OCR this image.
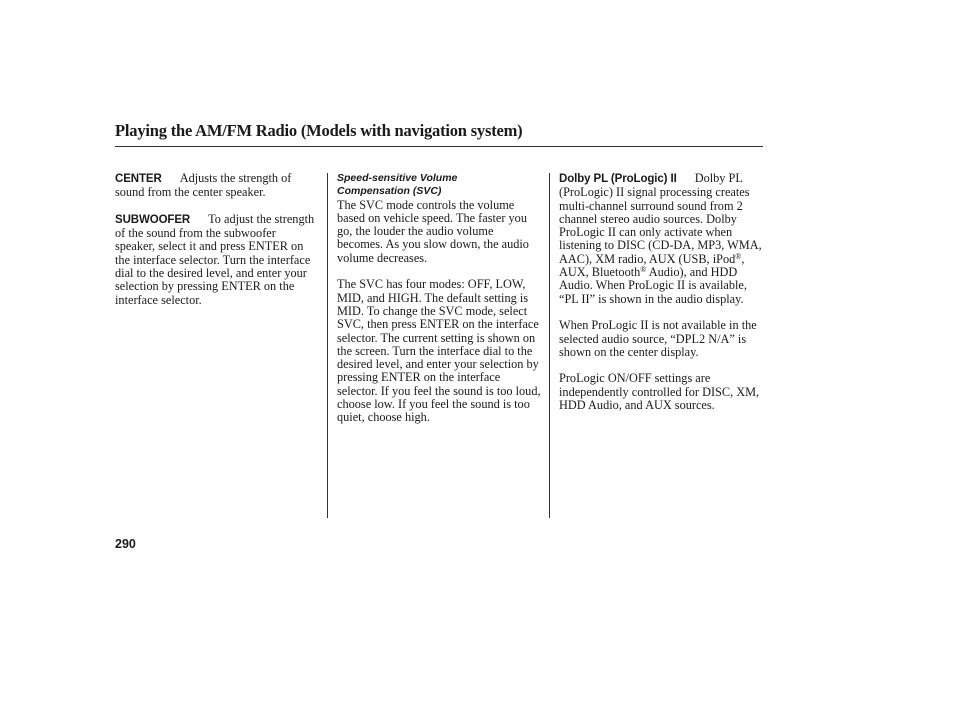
Playing the AM/FM Radio (Models with navigation system)

CENTER Adjusts the strength of sound from the center speaker.

SUBWOOFER To adjust the strength of the sound from the subwoofer speaker, select it and press ENTER on the interface selector. Turn the interface dial to the desired level, and enter your selection by pressing ENTER on the interface selector.

Speed-sensitive Volume
Compensation (SVC)

The SVC mode controls the volume based on vehicle speed. The faster you go, the louder the audio volume becomes. As you slow down, the audio volume decreases.

The SVC has four modes: OFF, LOW, MID, and HIGH. The default setting is MID. To change the SVC mode, select SVC, then press ENTER on the interface selector. The current setting is shown on the screen. Turn the interface dial to the desired level, and enter your selection by pressing ENTER on the interface selector. If you feel the sound is too loud, choose low. If you feel the sound is too quiet, choose high.

Dolby PL (ProLogic) II Dolby PL (ProLogic) II signal processing creates multi-channel surround sound from 2 channel stereo audio sources. Dolby ProLogic II can only activate when listening to DISC (CD-DA, MP3, WMA, AAC), XM radio, AUX (USB, iPod®, AUX, Bluetooth® Audio), and HDD Audio. When ProLogic II is available, “PL II” is shown in the audio display.

When ProLogic II is not available in the selected audio source, “DPL2 N/A” is shown on the center display.

ProLogic ON/OFF settings are independently controlled for DISC, XM, HDD Audio, and AUX sources.

290
